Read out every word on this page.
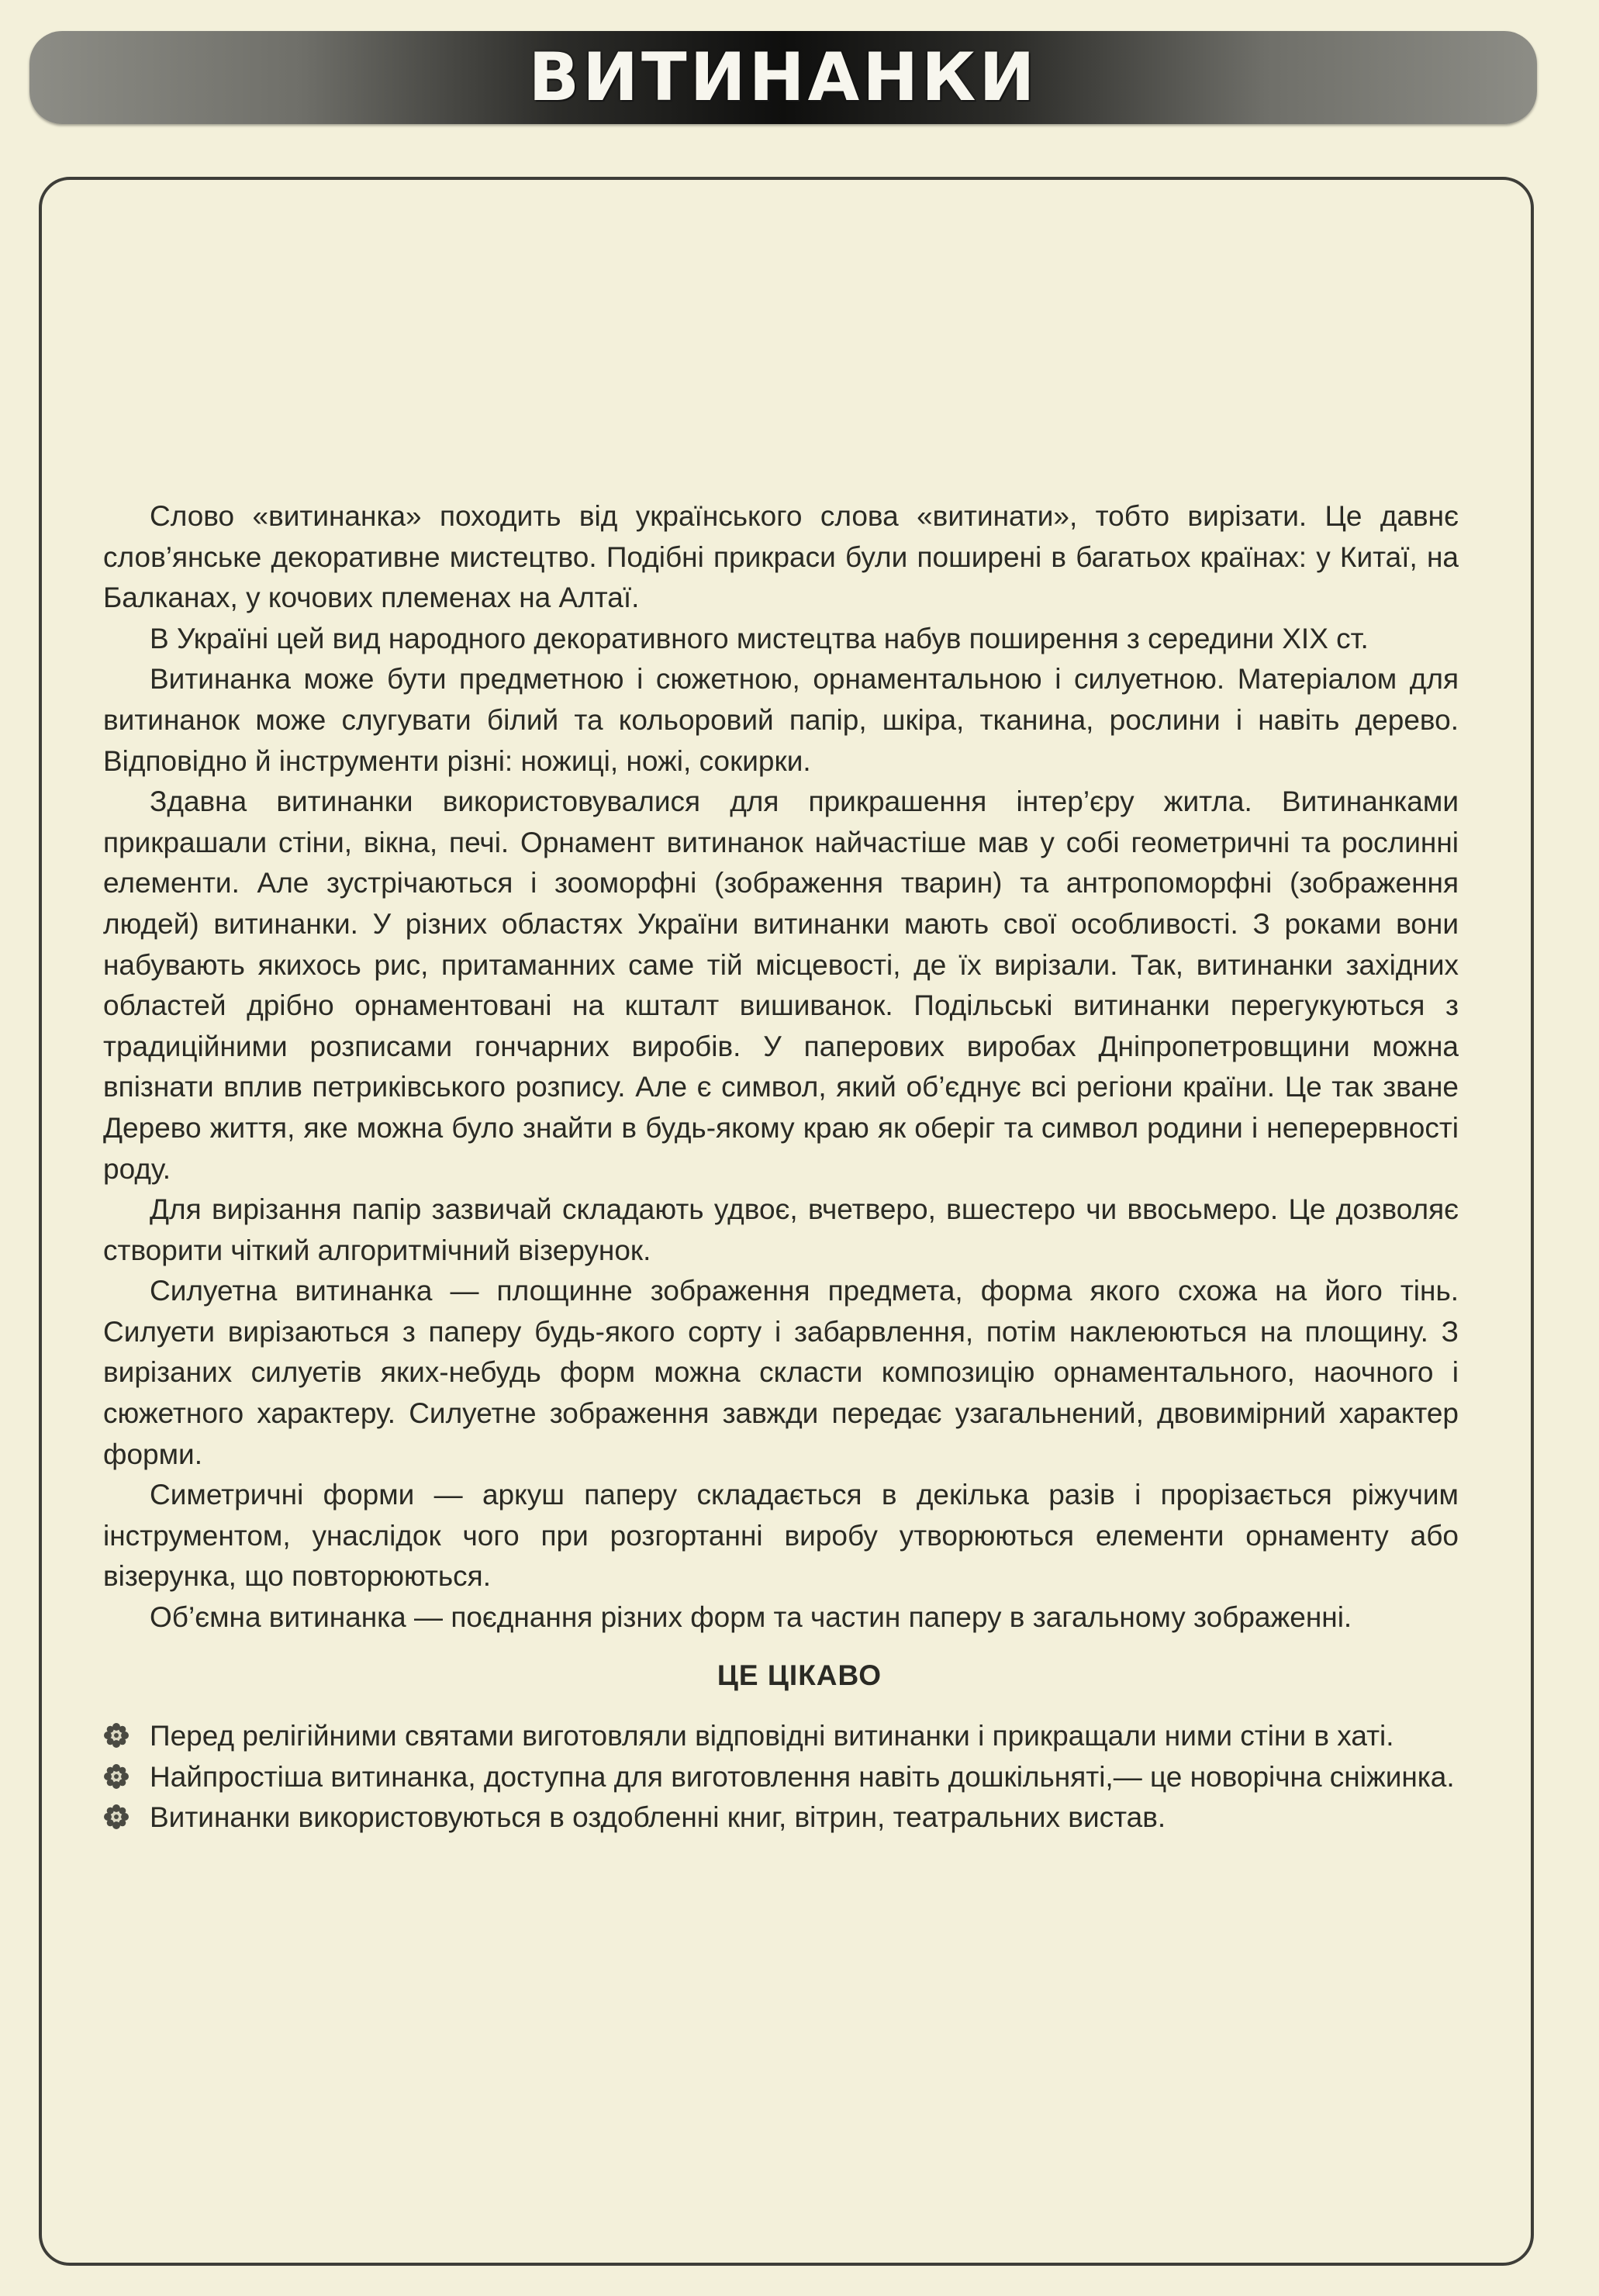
ВИТИНАНКИ

Слово «витинанка» походить від українського слова «витинати», тобто вирізати. Це давнє слов’янське декоративне мистецтво. Подібні прикраси були поширені в багатьох країнах: у Китаї, на Балканах, у кочових племенах на Алтаї.

В Україні цей вид народного декоративного мистецтва набув поширення з середини XIX ст.

Витинанка може бути предметною і сюжетною, орнаментальною і силуетною. Матеріалом для витинанок може слугувати білий та кольоровий папір, шкіра, тканина, рослини і навіть дерево. Відповідно й інструменти різні: ножиці, ножі, сокирки.

Здавна витинанки використовувалися для прикрашення інтер’єру житла. Витинанками прикрашали стіни, вікна, печі. Орнамент витинанок найчастіше мав у собі геометричні та рослинні елементи. Але зустрічаються і зооморфні (зображення тварин) та антропоморфні (зображення людей) витинанки. У різних областях України витинанки мають свої особливості. З роками вони набувають якихось рис, притаманних саме тій місцевості, де їх вирізали. Так, витинанки західних областей дрібно орнаментовані на кшталт вишиванок. Подільські витинанки перегукуються з традиційними розписами гончарних виробів. У паперових виробах Дніпропетровщини можна впізнати вплив петриківського розпису. Але є символ, який об’єднує всі регіони країни. Це так зване Дерево життя, яке можна було знайти в будь-якому краю як оберіг та символ родини і неперервності роду.

Для вирізання папір зазвичай складають удвоє, вчетверо, вшестеро чи ввосьмеро. Це дозволяє створити чіткий алгоритмічний візерунок.

Силуетна витинанка — площинне зображення предмета, форма якого схожа на його тінь. Силуети вирізаються з паперу будь-якого сорту і забарвлення, потім наклеюються на площину. З вирізаних силуетів яких-небудь форм можна скласти композицію орнаментального, наочного і сюжетного характеру. Силуетне зображення завжди передає узагальнений, двовимірний характер форми.

Симетричні форми — аркуш паперу складається в декілька разів і прорізається ріжучим інструментом, унаслідок чого при розгортанні виробу утворюються елементи орнаменту або візерунка, що повторюються.

Об’ємна витинанка — поєднання різних форм та частин паперу в загальному зображенні.

ЦЕ ЦІКАВО
Перед релігійними святами виготовляли відповідні витинанки і прикращали ними стіни в хаті.
Найпростіша витинанка, доступна для виготовлення навіть дошкільняті,— це новорічна сніжинка.
Витинанки використовуються в оздобленні книг, вітрин, театральних вистав.
